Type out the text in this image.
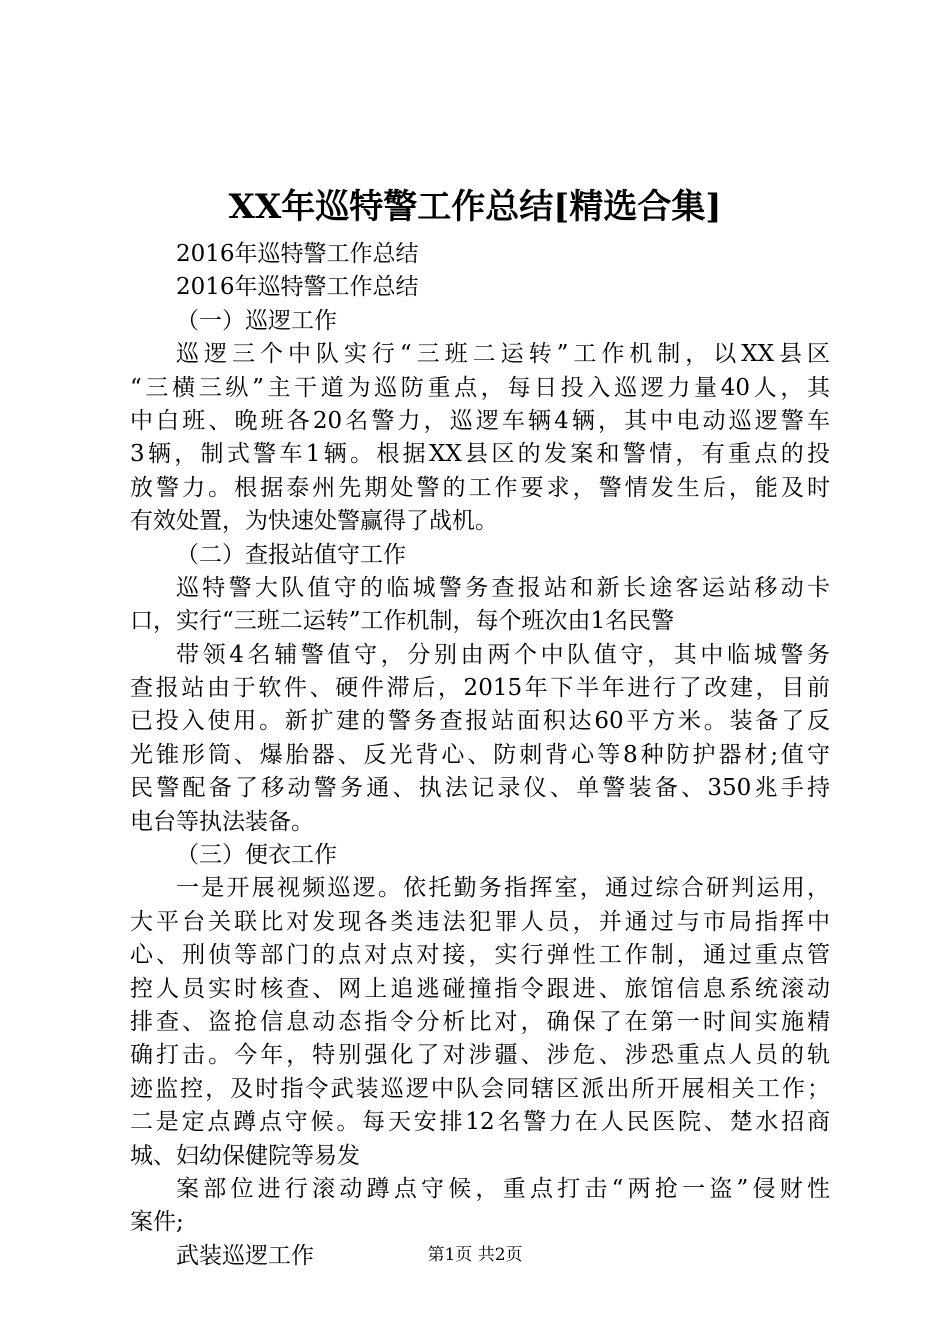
XX年巡特警工作总结[精选合集]
2016年巡特警工作总结
2016年巡特警工作总结
（一）巡逻工作
巡逻三个中队实行“三班二运转”工作机制，以XX县区
“三横三纵”主干道为巡防重点，每日投入巡逻力量40人，其
中白班、晚班各20名警力，巡逻车辆4辆，其中电动巡逻警车
3辆，制式警车1辆。根据XX县区的发案和警情，有重点的投
放警力。根据泰州先期处警的工作要求，警情发生后，能及时
有效处置，为快速处警赢得了战机。
（二）查报站值守工作
巡特警大队值守的临城警务查报站和新长途客运站移动卡
口，实行“三班二运转”工作机制，每个班次由1名民警
带领4名辅警值守，分别由两个中队值守，其中临城警务
查报站由于软件、硬件滞后，2015年下半年进行了改建，目前
已投入使用。新扩建的警务查报站面积达60平方米。装备了反
光锥形筒、爆胎器、反光背心、防刺背心等8种防护器材;值守
民警配备了移动警务通、执法记录仪、单警装备、350兆手持
电台等执法装备。
（三）便衣工作
一是开展视频巡逻。依托勤务指挥室，通过综合研判运用，
大平台关联比对发现各类违法犯罪人员，并通过与市局指挥中
心、刑侦等部门的点对点对接，实行弹性工作制，通过重点管
控人员实时核查、网上追逃碰撞指令跟进、旅馆信息系统滚动
排查、盗抢信息动态指令分析比对，确保了在第一时间实施精
确打击。今年，特别强化了对涉疆、涉危、涉恐重点人员的轨
迹监控，及时指令武装巡逻中队会同辖区派出所开展相关工作；
二是定点蹲点守候。每天安排12名警力在人民医院、楚水招商
城、妇幼保健院等易发
案部位进行滚动蹲点守候，重点打击“两抢一盗”侵财性
案件;
武装巡逻工作	第1页 共2页
